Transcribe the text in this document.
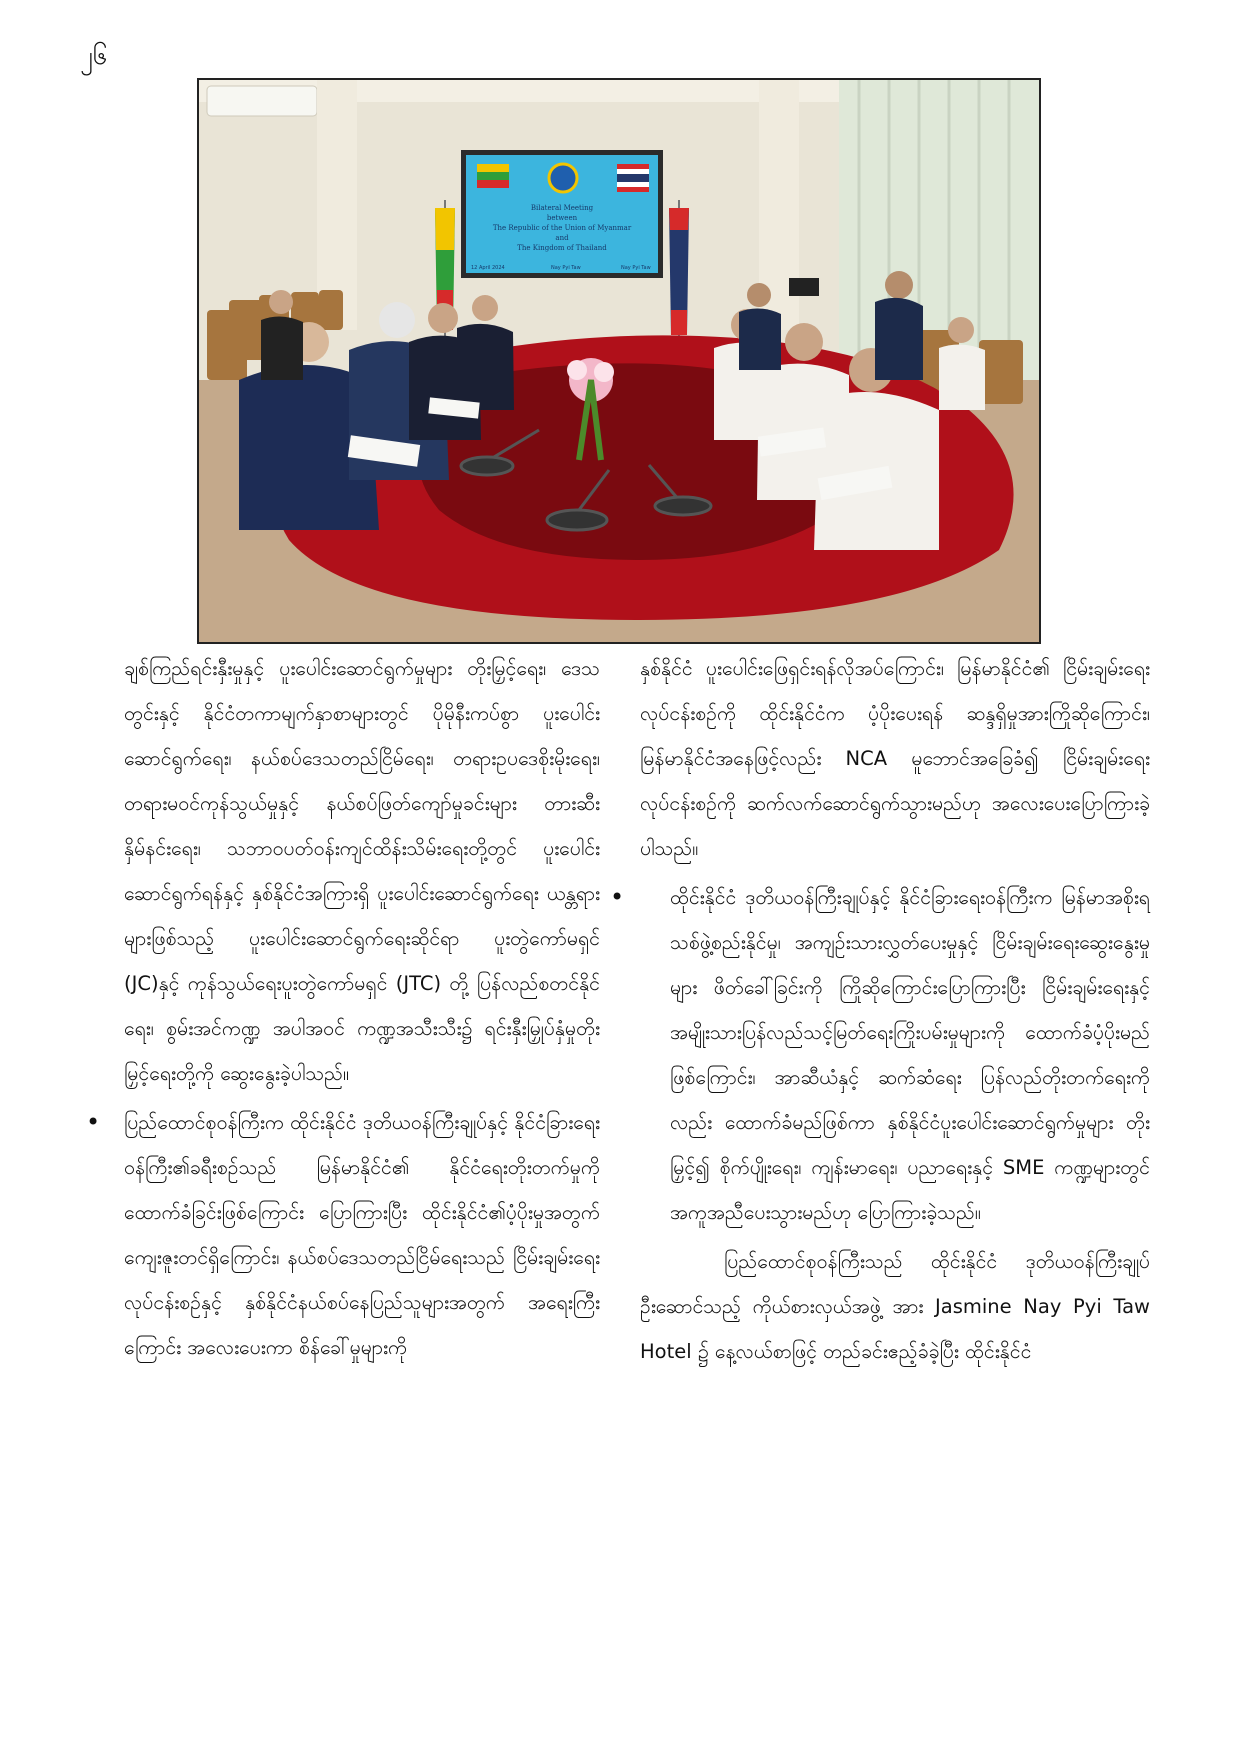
၂၆
Bilateral Meeting
between
The Republic of the Union of Myanmar
and
The Kingdom of Thailand
12 April 2024	Nay Pyi Taw	Nay Pyi Taw

ချစ်ကြည်ရင်းနှီးမှုနှင့် ပူးပေါင်းဆောင်ရွက်မှုများ တိုးမြှင့်ရေး၊ ဒေသတွင်းနှင့် နိုင်ငံတကာမျက်နှာစာများတွင် ပိုမိုနီးကပ်စွာ ပူးပေါင်းဆောင်ရွက်ရေး၊ နယ်စပ်ဒေသတည်ငြိမ်ရေး၊ တရားဥပဒေစိုးမိုးရေး၊ တရားမဝင်ကုန်သွယ်မှုနှင့် နယ်စပ်ဖြတ်ကျော်မှုခင်းများ တားဆီးနှိမ်နင်းရေး၊ သဘာဝပတ်ဝန်းကျင်ထိန်းသိမ်းရေးတို့တွင် ပူးပေါင်းဆောင်ရွက်ရန်နှင့် နှစ်နိုင်ငံအကြားရှိ ပူးပေါင်းဆောင်ရွက်ရေး ယန္တရားများဖြစ်သည့် ပူးပေါင်းဆောင်ရွက်ရေးဆိုင်ရာ ပူးတွဲကော်မရှင် (JC)နှင့် ကုန်သွယ်ရေးပူးတွဲကော်မရှင် (JTC) တို့ ပြန်လည်စတင်နိုင်ရေး၊ စွမ်းအင်ကဏ္ဍ အပါအဝင် ကဏ္ဍအသီးသီး၌ ရင်းနှီးမြှုပ်နှံမှုတိုးမြှင့်ရေးတို့ကို ဆွေးနွေးခဲ့ပါသည်။

• ပြည်ထောင်စုဝန်ကြီးက ထိုင်းနိုင်ငံ ဒုတိယဝန်ကြီးချုပ်နှင့် နိုင်ငံခြားရေးဝန်ကြီး၏ခရီးစဉ်သည် မြန်မာနိုင်ငံ၏ နိုင်ငံရေးတိုးတက်မှုကို ထောက်ခံခြင်းဖြစ်ကြောင်း ပြောကြားပြီး ထိုင်းနိုင်ငံ၏ပံ့ပိုးမှုအတွက် ကျေးဇူးတင်ရှိကြောင်း၊ နယ်စပ်ဒေသတည်ငြိမ်ရေးသည် ငြိမ်းချမ်းရေးလုပ်ငန်းစဉ်နှင့် နှစ်နိုင်ငံနယ်စပ်နေပြည်သူများအတွက် အရေးကြီးကြောင်း အလေးပေးကာ စိန်ခေါ်မှုများကို

နှစ်နိုင်ငံ ပူးပေါင်းဖြေရှင်းရန်လိုအပ်ကြောင်း၊ မြန်မာနိုင်ငံ၏ ငြိမ်းချမ်းရေးလုပ်ငန်းစဉ်ကို ထိုင်းနိုင်ငံက ပံ့ပိုးပေးရန် ဆန္ဒရှိမှုအားကြိုဆိုကြောင်း၊ မြန်မာနိုင်ငံအနေဖြင့်လည်း NCA မူဘောင်အခြေခံ၍ ငြိမ်းချမ်းရေးလုပ်ငန်းစဉ်ကို ဆက်လက်ဆောင်ရွက်သွားမည်ဟု အလေးပေးပြောကြားခဲ့ပါသည်။

• ထိုင်းနိုင်ငံ ဒုတိယဝန်ကြီးချုပ်နှင့် နိုင်ငံခြားရေးဝန်ကြီးက မြန်မာအစိုးရသစ်ဖွဲ့စည်းနိုင်မှု၊ အကျဉ်းသားလွှတ်ပေးမှုနှင့် ငြိမ်းချမ်းရေးဆွေးနွေးမှုများ ဖိတ်ခေါ်ခြင်းကို ကြိုဆိုကြောင်းပြောကြားပြီး ငြိမ်းချမ်းရေးနှင့် အမျိုးသားပြန်လည်သင့်မြတ်ရေးကြိုးပမ်းမှုများကို ထောက်ခံပံ့ပိုးမည်ဖြစ်ကြောင်း၊ အာဆီယံနှင့် ဆက်ဆံရေး ပြန်လည်တိုးတက်ရေးကိုလည်း ထောက်ခံမည်ဖြစ်ကာ နှစ်နိုင်ငံပူးပေါင်းဆောင်ရွက်မှုများ တိုးမြှင့်၍ စိုက်ပျိုးရေး၊ ကျန်းမာရေး၊ ပညာရေးနှင့် SME ကဏ္ဍများတွင် အကူအညီပေးသွားမည်ဟု ပြောကြားခဲ့သည်။

ပြည်ထောင်စုဝန်ကြီးသည် ထိုင်းနိုင်ငံ ဒုတိယဝန်ကြီးချုပ်ဦးဆောင်သည့် ကိုယ်စားလှယ်အဖွဲ့ အား Jasmine Nay Pyi Taw Hotel ၌ နေ့လယ်စာဖြင့် တည်ခင်းဧည့်ခံခဲ့ပြီး ထိုင်းနိုင်ငံ
